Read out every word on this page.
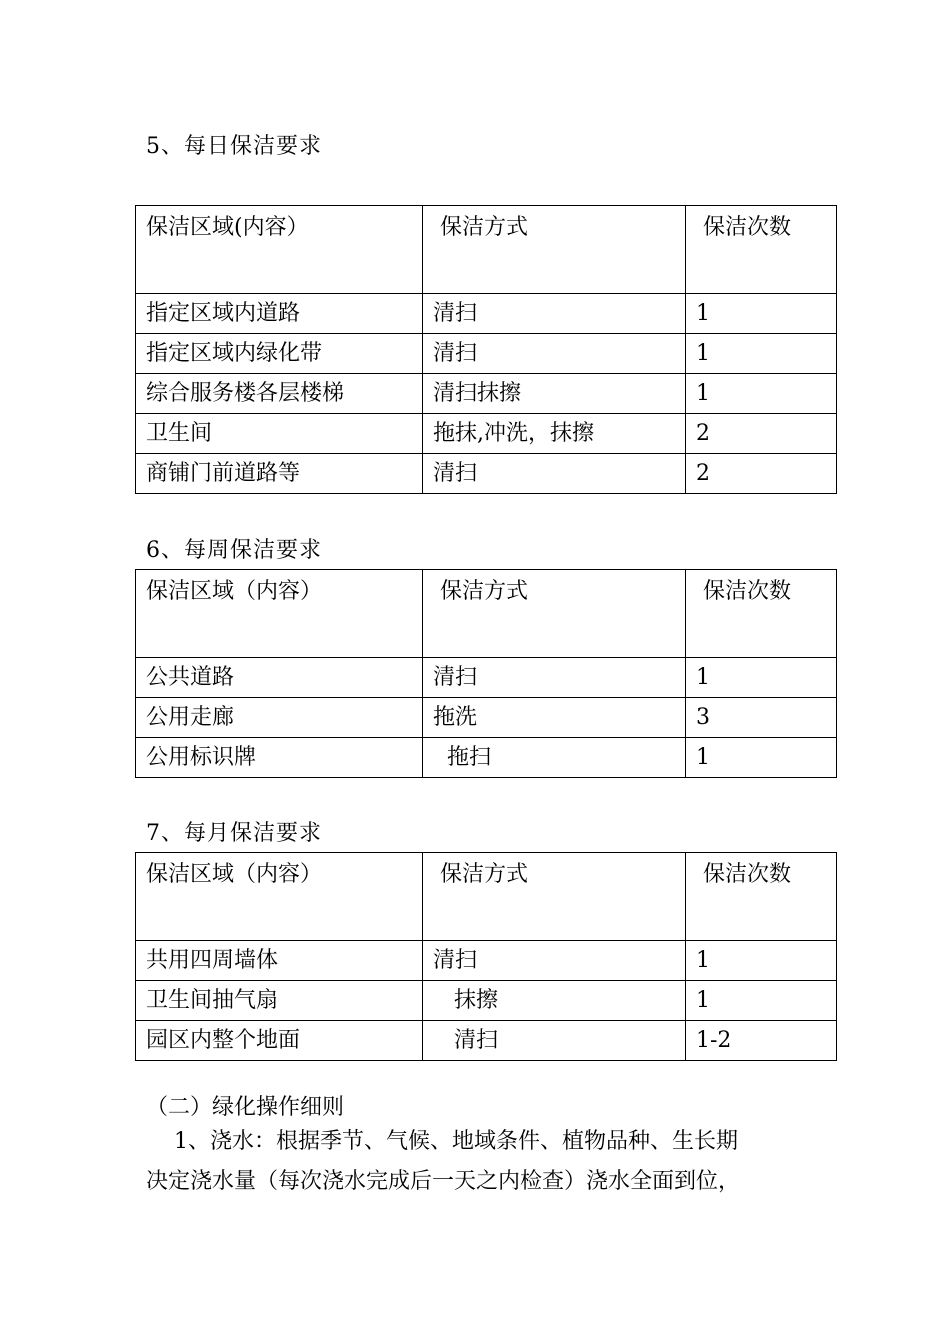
5、每日保洁要求
保洁区域(内容）	保洁方式	保洁次数
指定区域内道路	清扫	1
指定区域内绿化带	清扫	1
综合服务楼各层楼梯	清扫抹擦	1
卫生间	拖抹,冲洗，抹擦	2
商铺门前道路等	清扫	2
6、每周保洁要求
保洁区域（内容）	保洁方式	保洁次数
公共道路	清扫	1
公用走廊	拖洗	3
公用标识牌	拖扫	1
7、每月保洁要求
保洁区域（内容）	保洁方式	保洁次数
共用四周墙体	清扫	1
卫生间抽气扇	抹擦	1
园区内整个地面	清扫	1-2
（二）绿化操作细则
1、浇水：根据季节、气候、地域条件、植物品种、生长期
决定浇水量（每次浇水完成后一天之内检查）浇水全面到位，
